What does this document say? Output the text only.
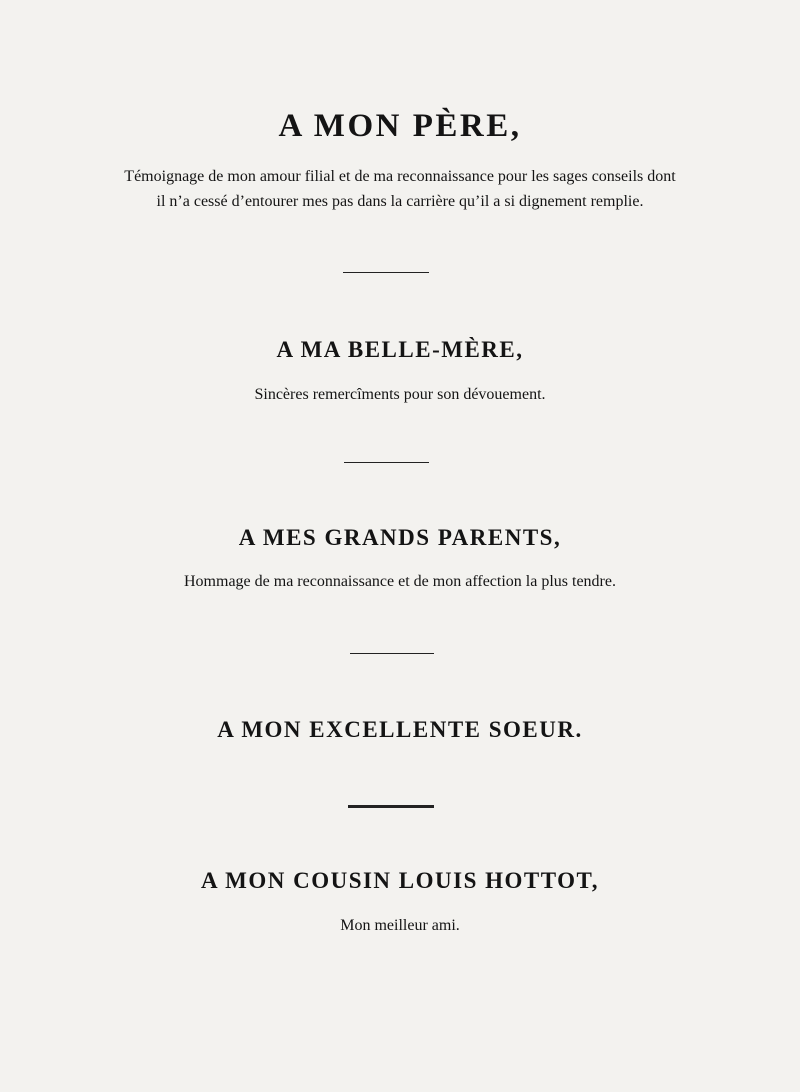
A MON PÈRE,

Témoignage de mon amour filial et de ma reconnaissance pour les sages conseils dont

il n’a cessé d’entourer mes pas dans la carrière qu’il a si dignement remplie.

A MA BELLE-MÈRE,

Sincères remercîments pour son dévouement.

A MES GRANDS PARENTS,

Hommage de ma reconnaissance et de mon affection la plus tendre.

A MON EXCELLENTE SOEUR.
A MON COUSIN LOUIS HOTTOT,

Mon meilleur ami.
